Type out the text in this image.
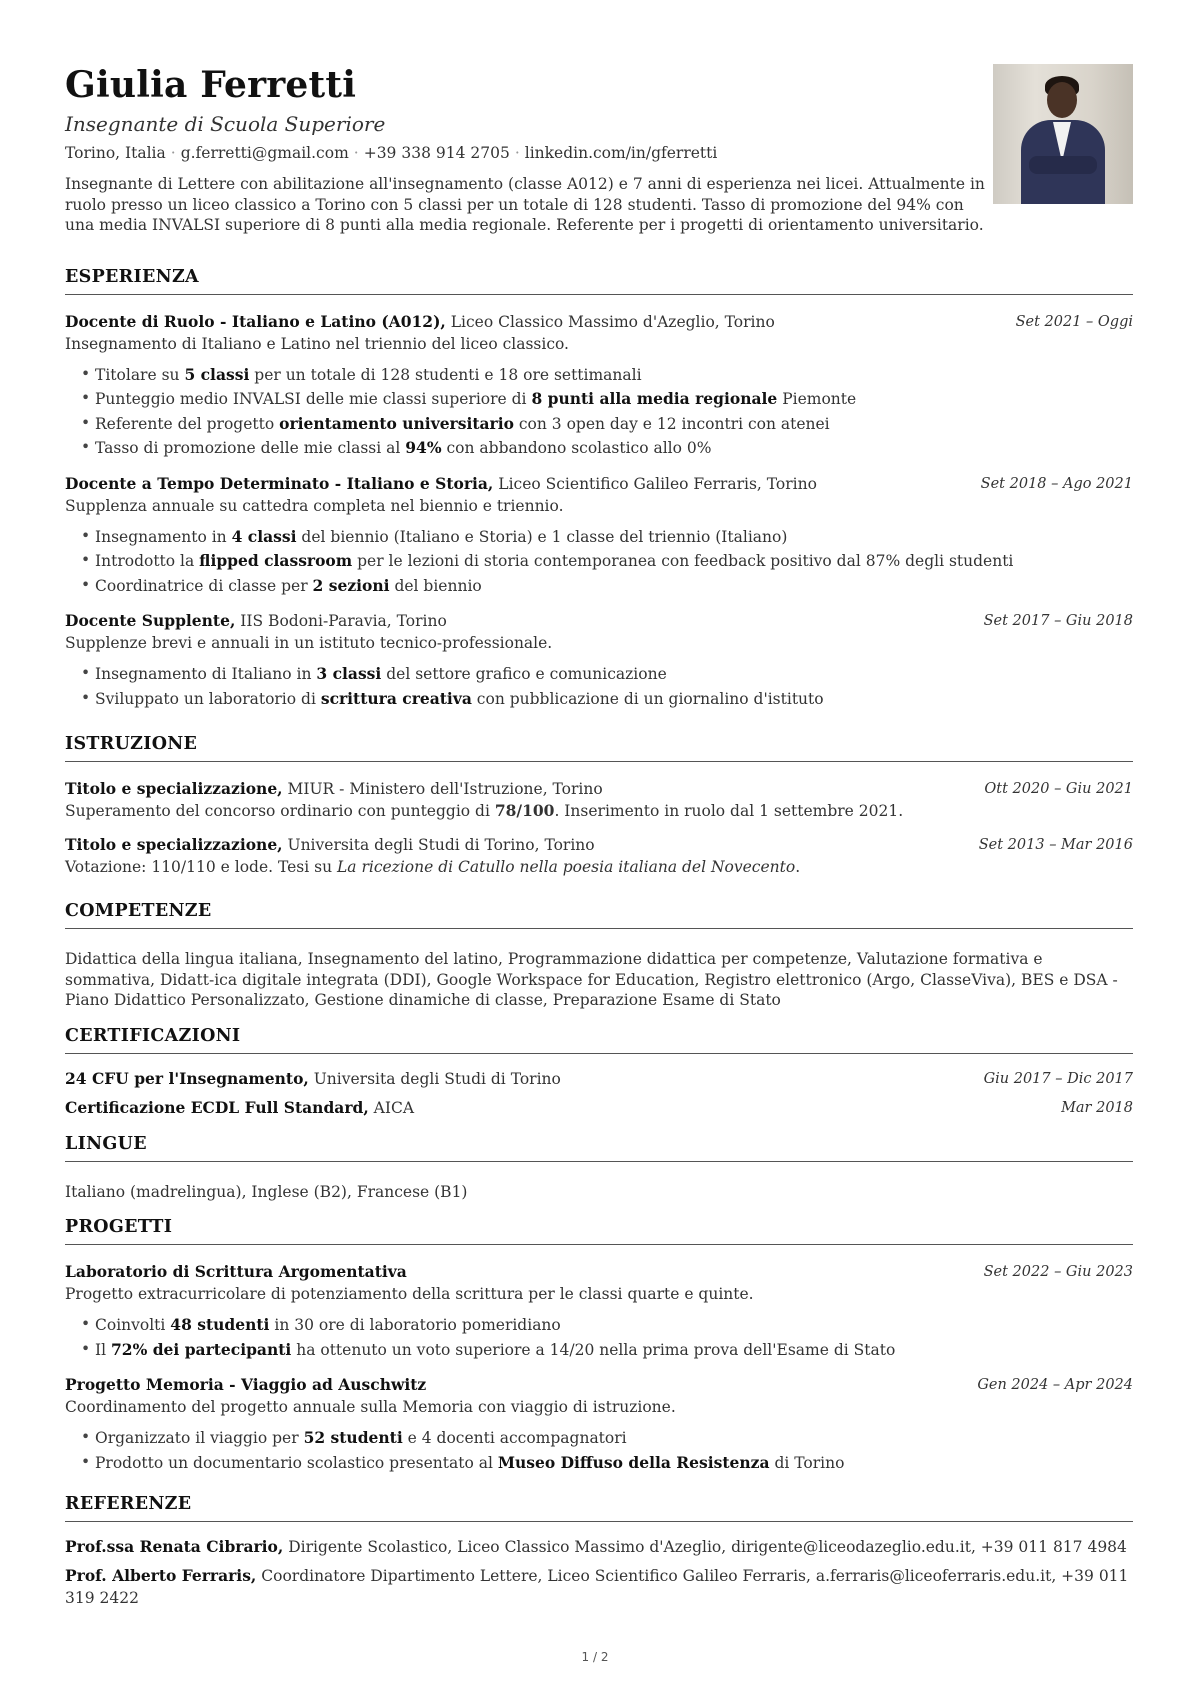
Giulia Ferretti
Insegnante di Scuola Superiore
Torino, Italia · g.ferretti@gmail.com · +39 338 914 2705 · linkedin.com/in/gferretti
Insegnante di Lettere con abilitazione all'insegnamento (classe A012) e 7 anni di esperienza nei licei. Attualmente in ruolo presso un liceo classico a Torino con 5 classi per un totale di 128 studenti. Tasso di promozione del 94% con una media INVALSI superiore di 8 punti alla media regionale. Referente per i progetti di orientamento universitario.
ESPERIENZA
Docente di Ruolo - Italiano e Latino (A012), Liceo Classico Massimo d'Azeglio, Torino	Set 2021 – Oggi
Insegnamento di Italiano e Latino nel triennio del liceo classico.
• Titolare su 5 classi per un totale di 128 studenti e 18 ore settimanali
• Punteggio medio INVALSI delle mie classi superiore di 8 punti alla media regionale Piemonte
• Referente del progetto orientamento universitario con 3 open day e 12 incontri con atenei
• Tasso di promozione delle mie classi al 94% con abbandono scolastico allo 0%
Docente a Tempo Determinato - Italiano e Storia, Liceo Scientifico Galileo Ferraris, Torino	Set 2018 – Ago 2021
Supplenza annuale su cattedra completa nel biennio e triennio.
• Insegnamento in 4 classi del biennio (Italiano e Storia) e 1 classe del triennio (Italiano)
• Introdotto la flipped classroom per le lezioni di storia contemporanea con feedback positivo dal 87% degli studenti
• Coordinatrice di classe per 2 sezioni del biennio
Docente Supplente, IIS Bodoni-Paravia, Torino	Set 2017 – Giu 2018
Supplenze brevi e annuali in un istituto tecnico-professionale.
• Insegnamento di Italiano in 3 classi del settore grafico e comunicazione
• Sviluppato un laboratorio di scrittura creativa con pubblicazione di un giornalino d'istituto
ISTRUZIONE
Titolo e specializzazione, MIUR - Ministero dell'Istruzione, Torino	Ott 2020 – Giu 2021
Superamento del concorso ordinario con punteggio di 78/100. Inserimento in ruolo dal 1 settembre 2021.
Titolo e specializzazione, Universita degli Studi di Torino, Torino	Set 2013 – Mar 2016
Votazione: 110/110 e lode. Tesi su La ricezione di Catullo nella poesia italiana del Novecento.
COMPETENZE
Didattica della lingua italiana, Insegnamento del latino, Programmazione didattica per competenze, Valutazione formativa e sommativa, Didatt-ica digitale integrata (DDI), Google Workspace for Education, Registro elettronico (Argo, ClasseViva), BES e DSA - Piano Didattico Personalizzato, Gestione dinamiche di classe, Preparazione Esame di Stato
CERTIFICAZIONI
24 CFU per l'Insegnamento, Universita degli Studi di Torino	Giu 2017 – Dic 2017
Certificazione ECDL Full Standard, AICA	Mar 2018
LINGUE
Italiano (madrelingua), Inglese (B2), Francese (B1)
PROGETTI
Laboratorio di Scrittura Argomentativa	Set 2022 – Giu 2023
Progetto extracurricolare di potenziamento della scrittura per le classi quarte e quinte.
• Coinvolti 48 studenti in 30 ore di laboratorio pomeridiano
• Il 72% dei partecipanti ha ottenuto un voto superiore a 14/20 nella prima prova dell'Esame di Stato
Progetto Memoria - Viaggio ad Auschwitz	Gen 2024 – Apr 2024
Coordinamento del progetto annuale sulla Memoria con viaggio di istruzione.
• Organizzato il viaggio per 52 studenti e 4 docenti accompagnatori
• Prodotto un documentario scolastico presentato al Museo Diffuso della Resistenza di Torino
REFERENZE
Prof.ssa Renata Cibrario, Dirigente Scolastico, Liceo Classico Massimo d'Azeglio, dirigente@liceodazeglio.edu.it, +39 011 817 4984
Prof. Alberto Ferraris, Coordinatore Dipartimento Lettere, Liceo Scientifico Galileo Ferraris, a.ferraris@liceoferraris.edu.it, +39 011 319 2422
1 / 2
